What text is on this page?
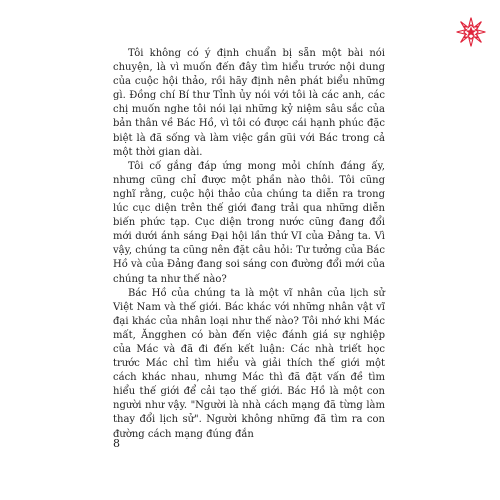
Tôi không có ý định chuẩn bị sẵn một bài nói chuyện, là vì muốn đến đây tìm hiểu trước nội dung của cuộc hội thảo, rồi hãy định nên phát biểu những gì. Đồng chí Bí thư Tỉnh ủy nói với tôi là các anh, các chị muốn nghe tôi nói lại những kỷ niệm sâu sắc của bản thân về Bác Hồ, vì tôi có được cái hạnh phúc đặc biệt là đã sống và làm việc gần gũi với Bác trong cả một thời gian dài.

Tôi cố gắng đáp ứng mong mỏi chính đáng ấy, nhưng cũng chỉ được một phần nào thôi. Tôi cũng nghĩ rằng, cuộc hội thảo của chúng ta diễn ra trong lúc cục diện trên thế giới đang trải qua những diễn biến phức tạp. Cục diện trong nước cũng đang đổi mới dưới ánh sáng Đại hội lần thứ VI của Đảng ta. Vì vậy, chúng ta cũng nên đặt câu hỏi: Tư tưởng của Bác Hồ và của Đảng đang soi sáng con đường đổi mới của chúng ta như thế nào?

Bác Hồ của chúng ta là một vĩ nhân của lịch sử Việt Nam và thế giới. Bác khác với những nhân vật vĩ đại khác của nhân loại như thế nào? Tôi nhớ khi Mác mất, Ăngghen có bàn đến việc đánh giá sự nghiệp của Mác và đã đi đến kết luận: Các nhà triết học trước Mác chỉ tìm hiểu và giải thích thế giới một cách khác nhau, nhưng Mác thì đã đặt vấn đề tìm hiểu thế giới để cải tạo thế giới. Bác Hồ là một con người như vậy. "Người là nhà cách mạng đã từng làm thay đổi lịch sử". Người không những đã tìm ra con đường cách mạng đúng đắn

8
